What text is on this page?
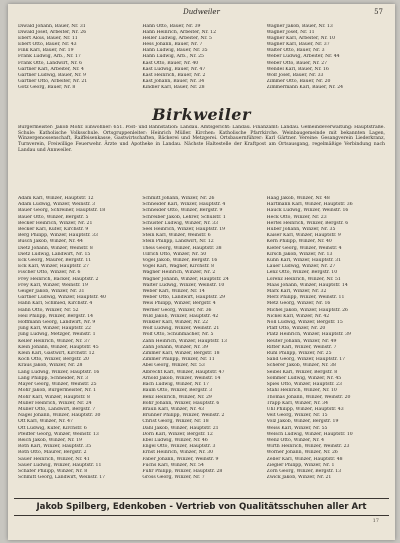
Dudweiler	57
Diwald Johann, Bauer, Nr. 31
Diwald Josef, Arbeiter, Nr. 26
Ebert Alois, Bauer, Nr. 11
Ebert Otto, Bauer, Nr. 43
Fink Karl, Bauer, Nr. 19
Frank Ludwig, Arb., Nr. 17
Frank Otto, Landwirt, Nr. 6
Gärtner Karl, Arbeiter, Nr. 4
Gärtner Ludwig, Bauer, Nr. 9
Gärtner Otto, Arbeiter, Nr. 21
Götz Georg, Bauer, Nr. 8
Hahn Otto, Bauer, Nr. 39
Hahn Heinrich, Arbeiter, Nr. 12
Heller Ludwig, Arbeiter, Nr. 5
Hess Johann, Bauer, Nr. 7
Hahn Ludwig, Bauer, Nr. 35
Hahn Ludwig, Arb., Nr. 25
Kast Otto, Bauer, Nr. 40
Kast Ludwig, Bauer, Nr. 47
Kast Heinrich, Bauer, Nr. 2
Kast Johann, Bauer, Nr. 34
Kindler Karl, Bauer, Nr. 28
Wagner Jakob, Bauer, Nr. 13
Wagner Josef, Nr. 11
Wagner Karl, Arbeiter, Nr. 10
Wagner Karl, Bauer, Nr. 37
Walter Otto, Bauer, Nr. 3
Weber Ludwig, Arbeiter, Nr. 44
Weber Otto, Bauer, Nr. 27
Wendel Karl, Bauer, Nr. 16
Wolf Josef, Bauer, Nr. 33
Zimmer Otto, Bauer, Nr. 20
Zimmermann Karl, Bauer, Nr. 24
Birkweiler
Bürgermeister: Jakob Mohr. Einwohner: 651. Post- und Bahnstation: Landau. Amtsgericht: Landau. Finanzamt: Landau. Gemeindeverwaltung: Hauptstraße. Schule: Katholische Volksschule. Ortsgruppenleiter: Heinrich Müller. Kirchen: Katholische Pfarrkirche. Weinbaugemeinde mit bekannten Lagen, Winzergenossenschaft, Raiffeisenkasse, Gastwirtschaften, Bäckerei und Metzgerei. Ortsbauernführer: Karl Gärtner. Vereine: Gesangverein Liederkranz, Turnverein, Freiwillige Feuerwehr. Ärzte und Apotheke in Landau. Nächste Haltestelle der Kraftpost am Ortsausgang, regelmäßige Verbindung nach Landau und Annweiler.
Adam Karl, Winzer, Hauptstr. 12
Adam Ludwig, Winzer, Weinstr. 3
Bauer Georg, Schreiner, Hauptstr. 18
Bauer Otto, Winzer, Bergstr. 5
Becker Heinrich, Winzer, Nr. 21
Becker Karl, Küfer, Kirchstr. 9
Berg Philipp, Winzer, Hauptstr. 33
Busch Jakob, Winzer, Nr. 44
Dietz Johann, Winzer, Weinstr. 8
Dietz Ludwig, Landwirt, Nr. 15
Eck Georg, Maurer, Bergstr. 11
Eck Karl, Winzer, Hauptstr. 27
Fischer Otto, Winzer, Nr. 6
Frey Heinrich, Bäcker, Hauptstr. 2
Frey Karl, Winzer, Weinstr. 19
Geiger Jakob, Winzer, Nr. 31
Gärtner Ludwig, Winzer, Hauptstr. 40
Hahn Karl, Schmied, Kirchstr. 4
Hahn Otto, Winzer, Nr. 52
Heil Philipp, Winzer, Bergstr. 14
Hoffmann Georg, Landwirt, Nr. 9
Jung Karl, Winzer, Hauptstr. 22
Jung Ludwig, Metzger, Weinstr. 1
Keller Heinrich, Winzer, Nr. 37
Klein Johann, Winzer, Hauptstr. 45
Klein Karl, Gastwirt, Kirchstr. 12
Koch Otto, Winzer, Bergstr. 20
Kraus Jakob, Winzer, Nr. 28
Lang Ludwig, Winzer, Hauptstr. 16
Lang Philipp, Schneider, Nr. 3
Mayer Georg, Winzer, Weinstr. 25
Mohr Jakob, Bürgermeister, Nr. 1
Mohr Karl, Winzer, Hauptstr. 8
Müller Heinrich, Winzer, Nr. 24
Müller Otto, Landwirt, Bergstr. 7
Nagel Johann, Winzer, Hauptstr. 30
Ott Karl, Winzer, Nr. 47
Ott Ludwig, Küfer, Kirchstr. 6
Pfeiffer Georg, Winzer, Weinstr. 13
Reich Jakob, Winzer, Nr. 19
Roth Karl, Winzer, Hauptstr. 35
Roth Otto, Maurer, Bergstr. 2
Sauer Heinrich, Winzer, Nr. 41
Sauer Ludwig, Winzer, Hauptstr. 11
Schäfer Philipp, Winzer, Nr. 8
Schmitt Georg, Landwirt, Weinstr. 17
Schmitt Johann, Winzer, Nr. 26
Schneider Karl, Winzer, Hauptstr. 4
Schneider Otto, Winzer, Bergstr. 9
Schreiber Jakob, Lehrer, Schulstr. 1
Schuster Ludwig, Winzer, Nr. 33
Seel Heinrich, Winzer, Hauptstr. 19
Stein Karl, Winzer, Weinstr. 6
Stein Philipp, Landwirt, Nr. 12
Theis Georg, Winzer, Hauptstr. 38
Ullrich Otto, Winzer, Nr. 50
Vogel Jakob, Winzer, Bergstr. 16
Vogel Karl, Wagner, Kirchstr. 8
Wagner Heinrich, Winzer, Nr. 2
Wagner Johann, Winzer, Hauptstr. 24
Walter Ludwig, Winzer, Weinstr. 10
Weber Karl, Winzer, Nr. 14
Weber Otto, Landwirt, Hauptstr. 29
Weis Philipp, Winzer, Bergstr. 4
Werner Georg, Winzer, Nr. 36
Wild Jakob, Winzer, Hauptstr. 42
Winkler Karl, Winzer, Nr. 22
Wolf Ludwig, Winzer, Weinstr. 21
Wolf Otto, Schuhmacher, Nr. 5
Zahn Heinrich, Winzer, Hauptstr. 13
Zahn Johann, Winzer, Nr. 39
Zimmer Karl, Winzer, Bergstr. 18
Zimmer Philipp, Winzer, Nr. 11
Abel Georg, Winzer, Nr. 53
Albrecht Karl, Winzer, Hauptstr. 47
Arnold Jakob, Winzer, Weinstr. 14
Bach Ludwig, Winzer, Nr. 17
Baum Otto, Winzer, Bergstr. 3
Benz Heinrich, Winzer, Nr. 29
Bohr Johann, Winzer, Hauptstr. 6
Braun Karl, Winzer, Nr. 43
Brunner Philipp, Winzer, Weinstr. 2
Christ Georg, Winzer, Nr. 18
Dahl Jakob, Winzer, Hauptstr. 21
Dorn Karl, Winzer, Bergstr. 12
Ebel Ludwig, Winzer, Nr. 46
Engel Otto, Winzer, Hauptstr. 3
Ernst Heinrich, Winzer, Nr. 30
Faber Johann, Winzer, Weinstr. 9
Fuchs Karl, Winzer, Nr. 54
Fuhr Philipp, Winzer, Hauptstr. 28
Gross Georg, Winzer, Nr. 7
Haag Jakob, Winzer, Nr. 48
Hartmann Karl, Winzer, Hauptstr. 36
Hauck Ludwig, Winzer, Weinstr. 16
Heck Otto, Winzer, Nr. 23
Hertel Heinrich, Winzer, Bergstr. 6
Huber Johann, Winzer, Nr. 35
Kaiser Karl, Winzer, Hauptstr. 9
Kern Philipp, Winzer, Nr. 40
Kiefer Georg, Winzer, Weinstr. 4
Kirsch Jakob, Winzer, Nr. 13
Kühn Karl, Winzer, Hauptstr. 31
Lauer Ludwig, Winzer, Nr. 27
Lenz Otto, Winzer, Bergstr. 10
Lorenz Heinrich, Winzer, Nr. 51
Maas Johann, Winzer, Hauptstr. 14
Marx Karl, Winzer, Nr. 32
Merz Philipp, Winzer, Weinstr. 11
Metz Georg, Winzer, Nr. 16
Michel Jakob, Winzer, Hauptstr. 26
Nickel Karl, Winzer, Nr. 42
Noll Ludwig, Winzer, Bergstr. 15
Pfaff Otto, Winzer, Nr. 20
Platz Heinrich, Winzer, Hauptstr. 39
Reuter Johann, Winzer, Nr. 49
Ritter Karl, Winzer, Weinstr. 7
Rühl Philipp, Winzer, Nr. 25
Sand Georg, Winzer, Hauptstr. 17
Scherer Jakob, Winzer, Nr. 38
Seibel Karl, Winzer, Bergstr. 8
Sommer Ludwig, Winzer, Nr. 45
Spies Otto, Winzer, Hauptstr. 23
Stahl Heinrich, Winzer, Nr. 10
Thomas Johann, Winzer, Weinstr. 20
Trapp Karl, Winzer, Nr. 34
Uhl Philipp, Winzer, Hauptstr. 43
Veit Georg, Winzer, Nr. 15
Volz Jakob, Winzer, Bergstr. 19
Weiss Karl, Winzer, Nr. 55
Welsch Ludwig, Winzer, Hauptstr. 10
Wenz Otto, Winzer, Nr. 4
Wirth Heinrich, Winzer, Weinstr. 23
Wörner Johann, Winzer, Nr. 26
Zeller Karl, Winzer, Hauptstr. 48
Ziegler Philipp, Winzer, Nr. 1
Zorn Georg, Winzer, Bergstr. 13
Zwick Jakob, Winzer, Nr. 21
Jakob Spilberg, Edenkoben - Vertrieb von Qualitätsschuhen aller Art
17
